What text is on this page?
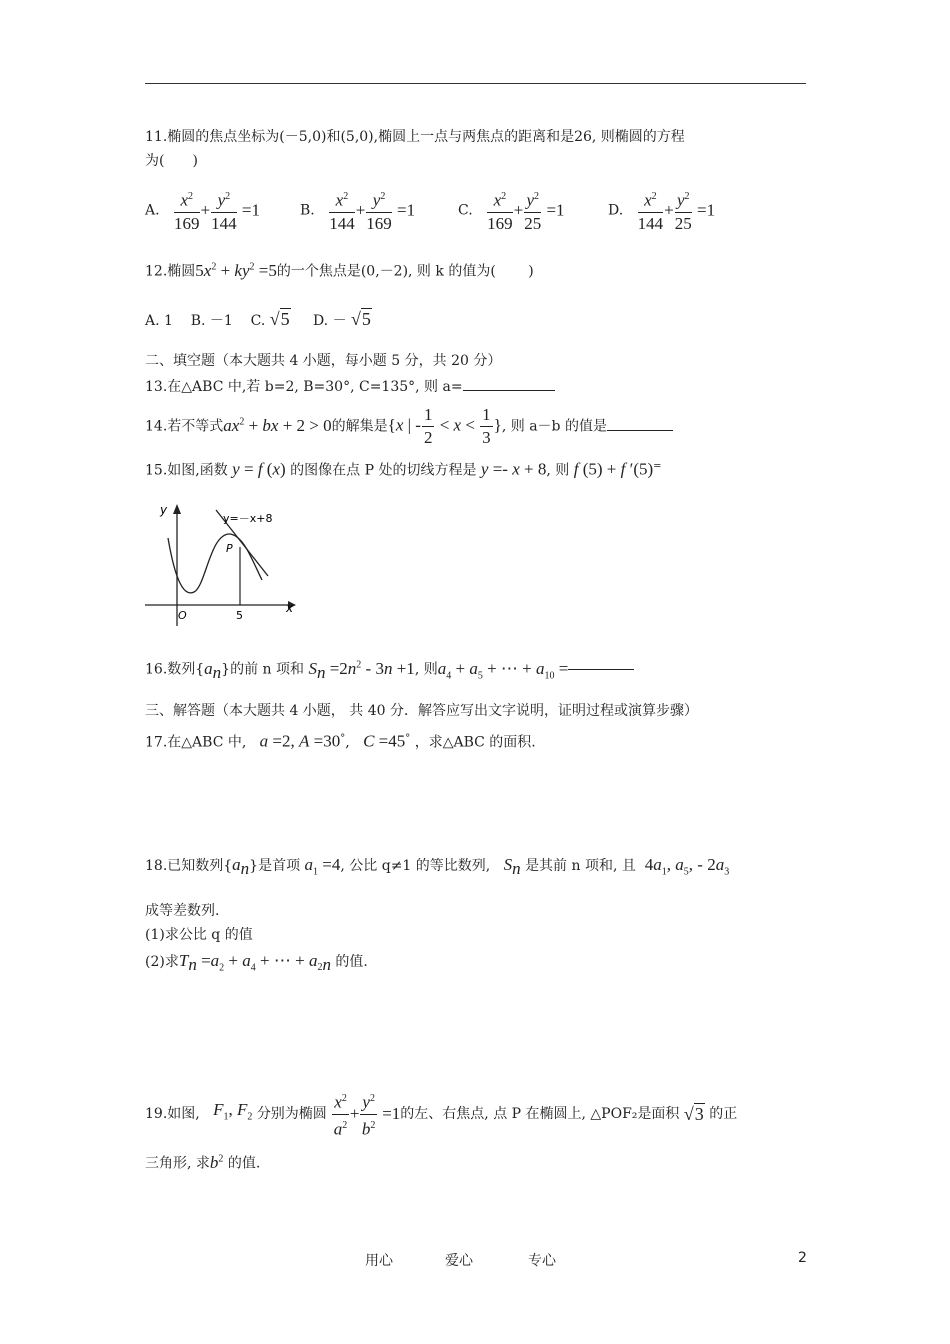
11.椭圆的焦点坐标为(－5,0)和(5,0),椭圆上一点与两焦点的距离和是26, 则椭圆的方程
为(　　)
A. $\frac{x^2}{169} + \frac{y^2}{144} =1$	B. $\frac{x^2}{144} + \frac{y^2}{169} =1$	C. $\frac{x^2}{169} + \frac{y^2}{25} =1$	D. $\frac{x^2}{144} + \frac{y^2}{25} =1$
12.椭圆$5x^2 + ky^2 =5$的一个焦点是(0,－2), 则 k 的值为(　　 )
A. 1 B. －1 C. √5 D. － √5
二、填空题（本大题共 4 小题，每小题 5 分，共 20 分）
13.在△ABC 中,若 b=2, B=30°, C=135°, 则 a=
14.若不等式$ax^2$ + bx + 2 > 0的解集是{x | - $\frac{1}{2} < x < \frac{1}{3}$ }, 则 a－b 的值是
15.如图,函数 y = f (x) 的图像在点 P 处的切线方程是 y =- x + 8, 则 f (5) + f ′(5)=
y=－x+8
P
y
x
O	5
16.数列$\{a_n\}$的前 n 项和 $S_n =2n^2 - 3n +1$, 则$a_4 + a_5$ + ⋯ + $a_{10}$ =
三、解答题（本大题共 4 小题， 共 40 分．解答应写出文字说明，证明过程或演算步骤）
17.在△ABC 中, a =2, A =30°,   C =45° ，求△ABC 的面积.
18.已知数列$\{a_n\}$是首项 $a_1 =4$, 公比 q≠1 的等比数列, $S_n$ 是其前 n 项和, 且 $4a_1$, $a_5$, - $2a_3$
成等差数列.
(1)求公比 q 的值
(2)求$T_n =a_2 + a_4$ + ⋯ + $a_{2n}$ 的值.
19.如图, $F_1$, $F_2$ 分别为椭圆 $\frac{x^2}{a^2} + \frac{y^2}{b^2} =1$的左、右焦点, 点 P 在椭圆上, △POF₂是面积 √3 的正
三角形, 求$b^2$ 的值.
用心	爱心	专心	2
